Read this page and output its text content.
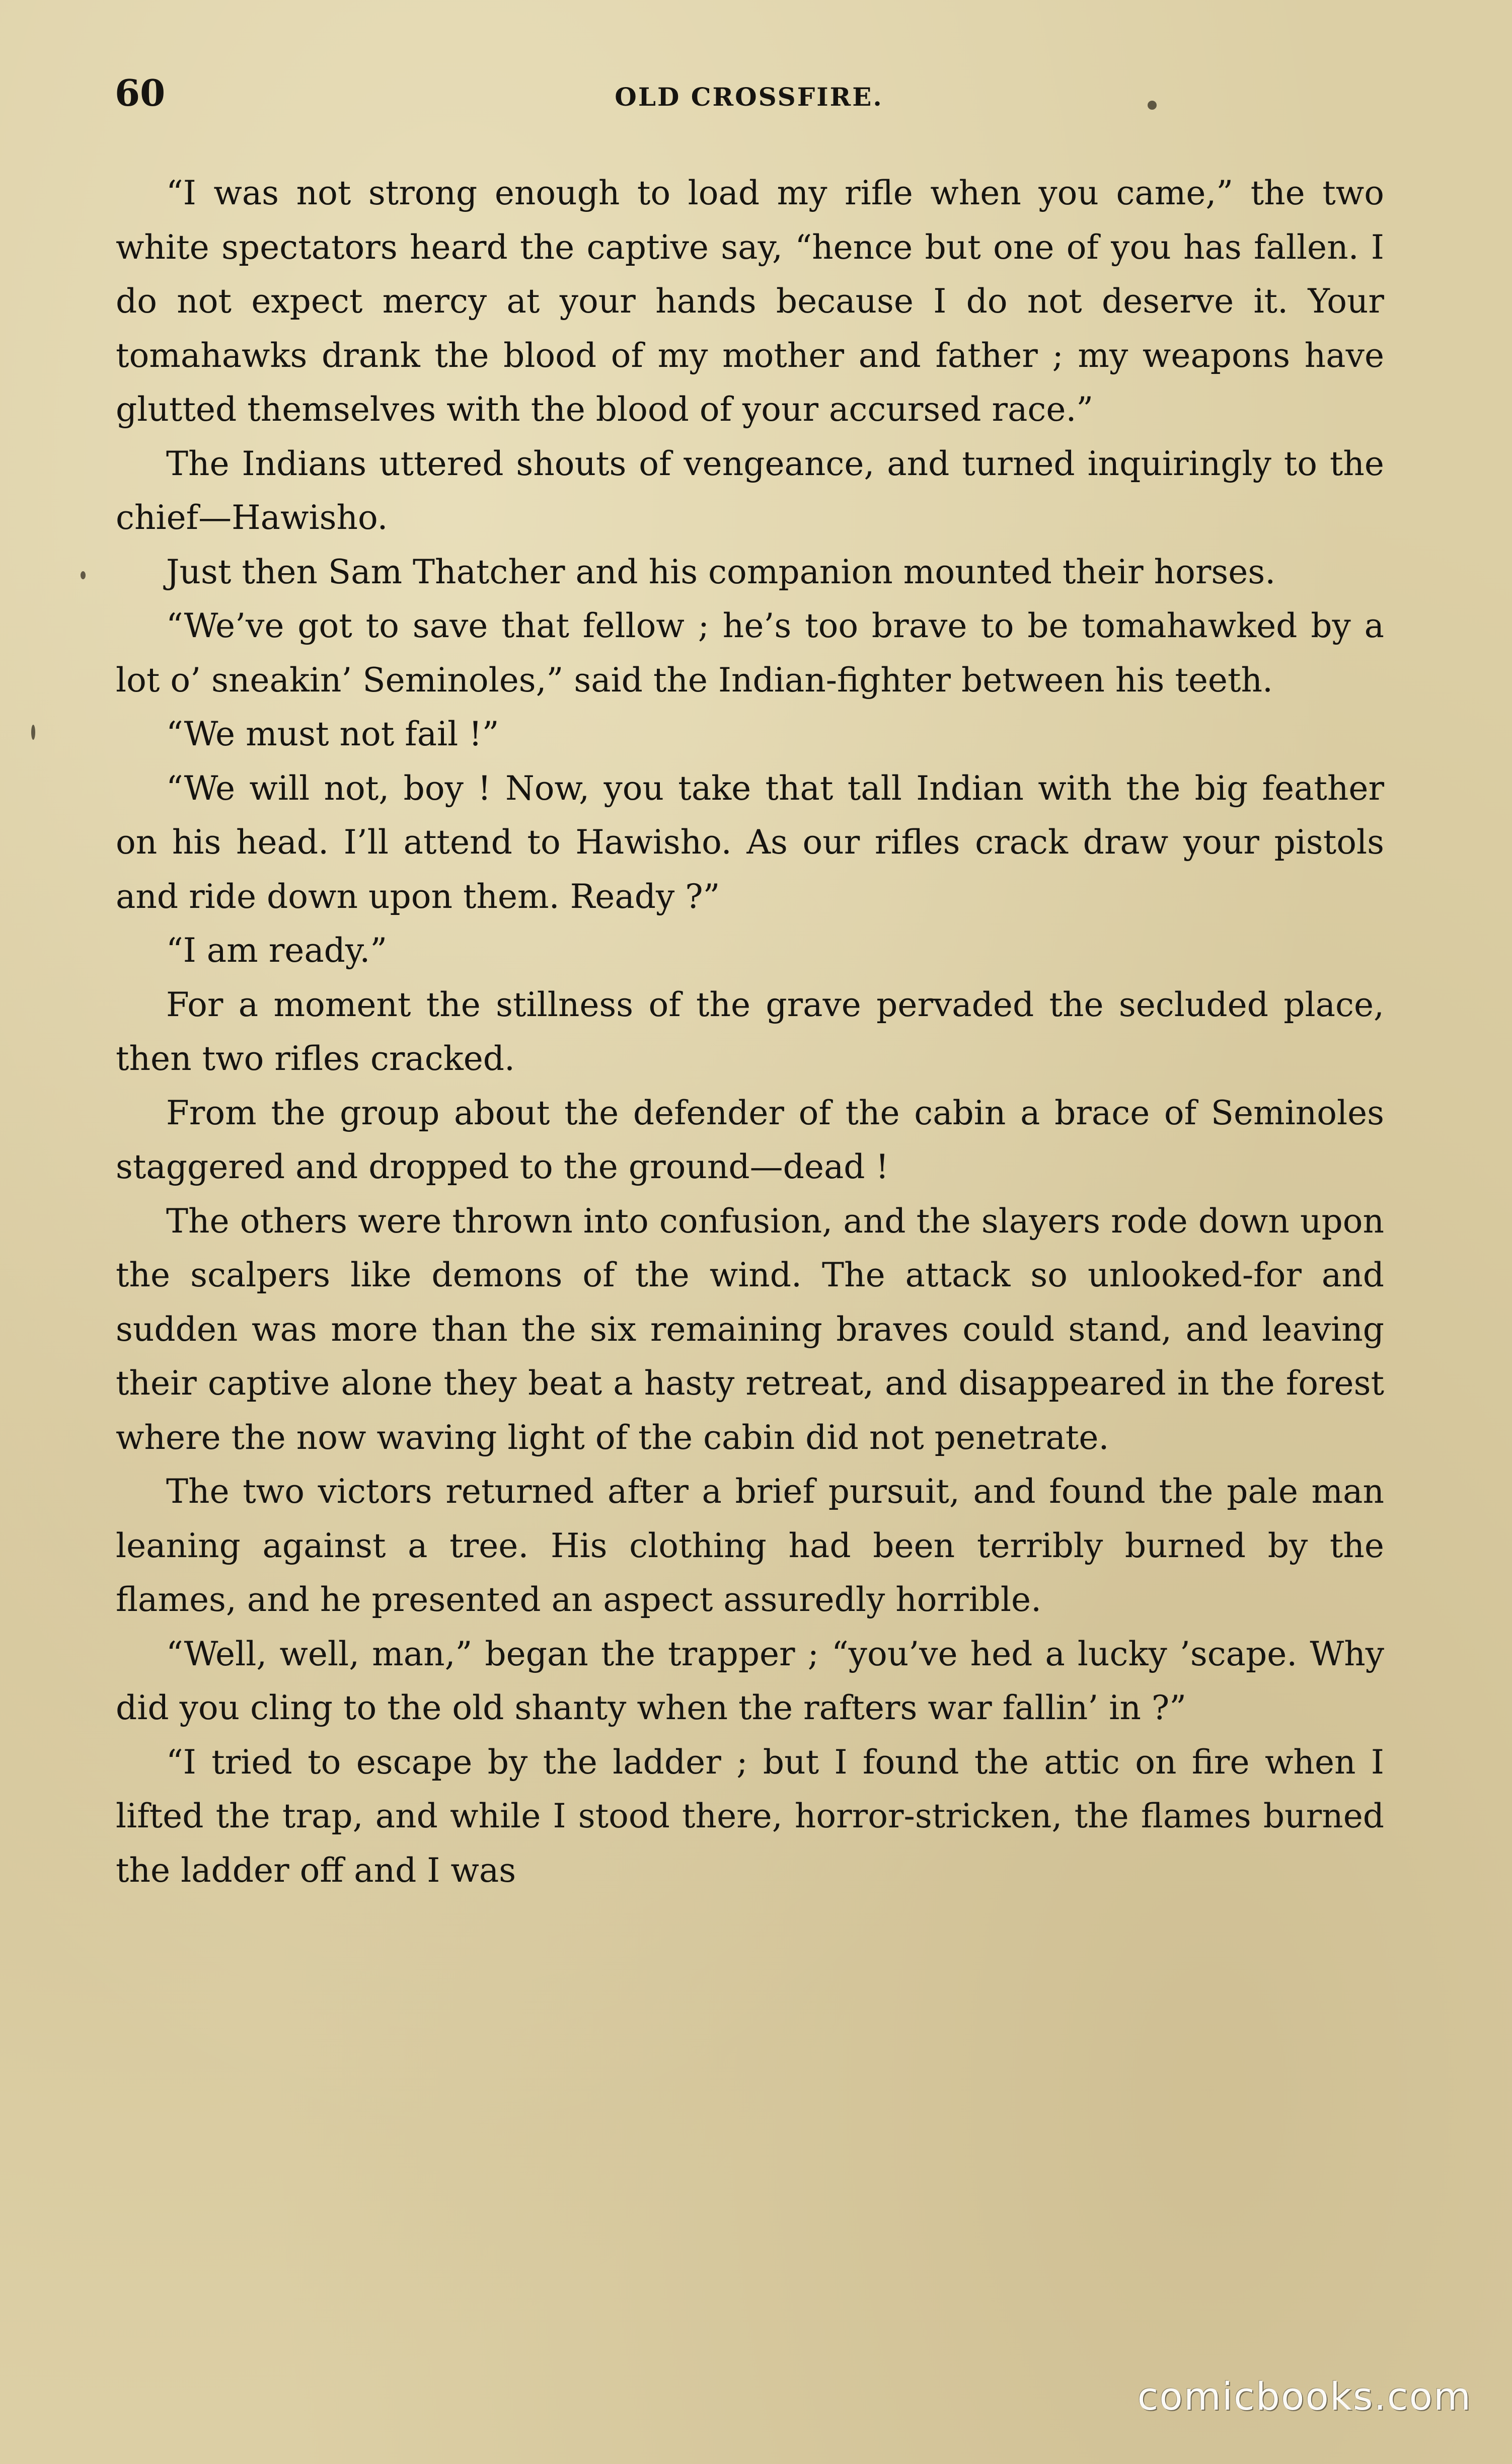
60	OLD CROSSFIRE.

“I was not strong enough to load my rifle when you came,” the two white spectators heard the captive say, “hence but one of you has fallen. I do not expect mercy at your hands because I do not deserve it. Your tomahawks drank the blood of my mother and father ; my weapons have glutted themselves with the blood of your accursed race.”

The Indians uttered shouts of vengeance, and turned inquiringly to the chief—Hawisho.

Just then Sam Thatcher and his companion mounted their horses.

“We’ve got to save that fellow ; he’s too brave to be tomahawked by a lot o’ sneakin’ Seminoles,” said the Indian-fighter between his teeth.

“We must not fail !”

“We will not, boy ! Now, you take that tall Indian with the big feather on his head. I’ll attend to Hawisho. As our rifles crack draw your pistols and ride down upon them. Ready ?”

“I am ready.”

For a moment the stillness of the grave pervaded the secluded place, then two rifles cracked.

From the group about the defender of the cabin a brace of Seminoles staggered and dropped to the ground—dead !

The others were thrown into confusion, and the slayers rode down upon the scalpers like demons of the wind. The attack so unlooked-for and sudden was more than the six remaining braves could stand, and leaving their captive alone they beat a hasty retreat, and disappeared in the forest where the now waving light of the cabin did not penetrate.

The two victors returned after a brief pursuit, and found the pale man leaning against a tree. His clothing had been terribly burned by the flames, and he presented an aspect assuredly horrible.

“Well, well, man,” began the trapper ; “you’ve hed a lucky ’scape. Why did you cling to the old shanty when the rafters war fallin’ in ?”

“I tried to escape by the ladder ; but I found the attic on fire when I lifted the trap, and while I stood there, horror-stricken, the flames burned the ladder off and I was

comicbooks.com
